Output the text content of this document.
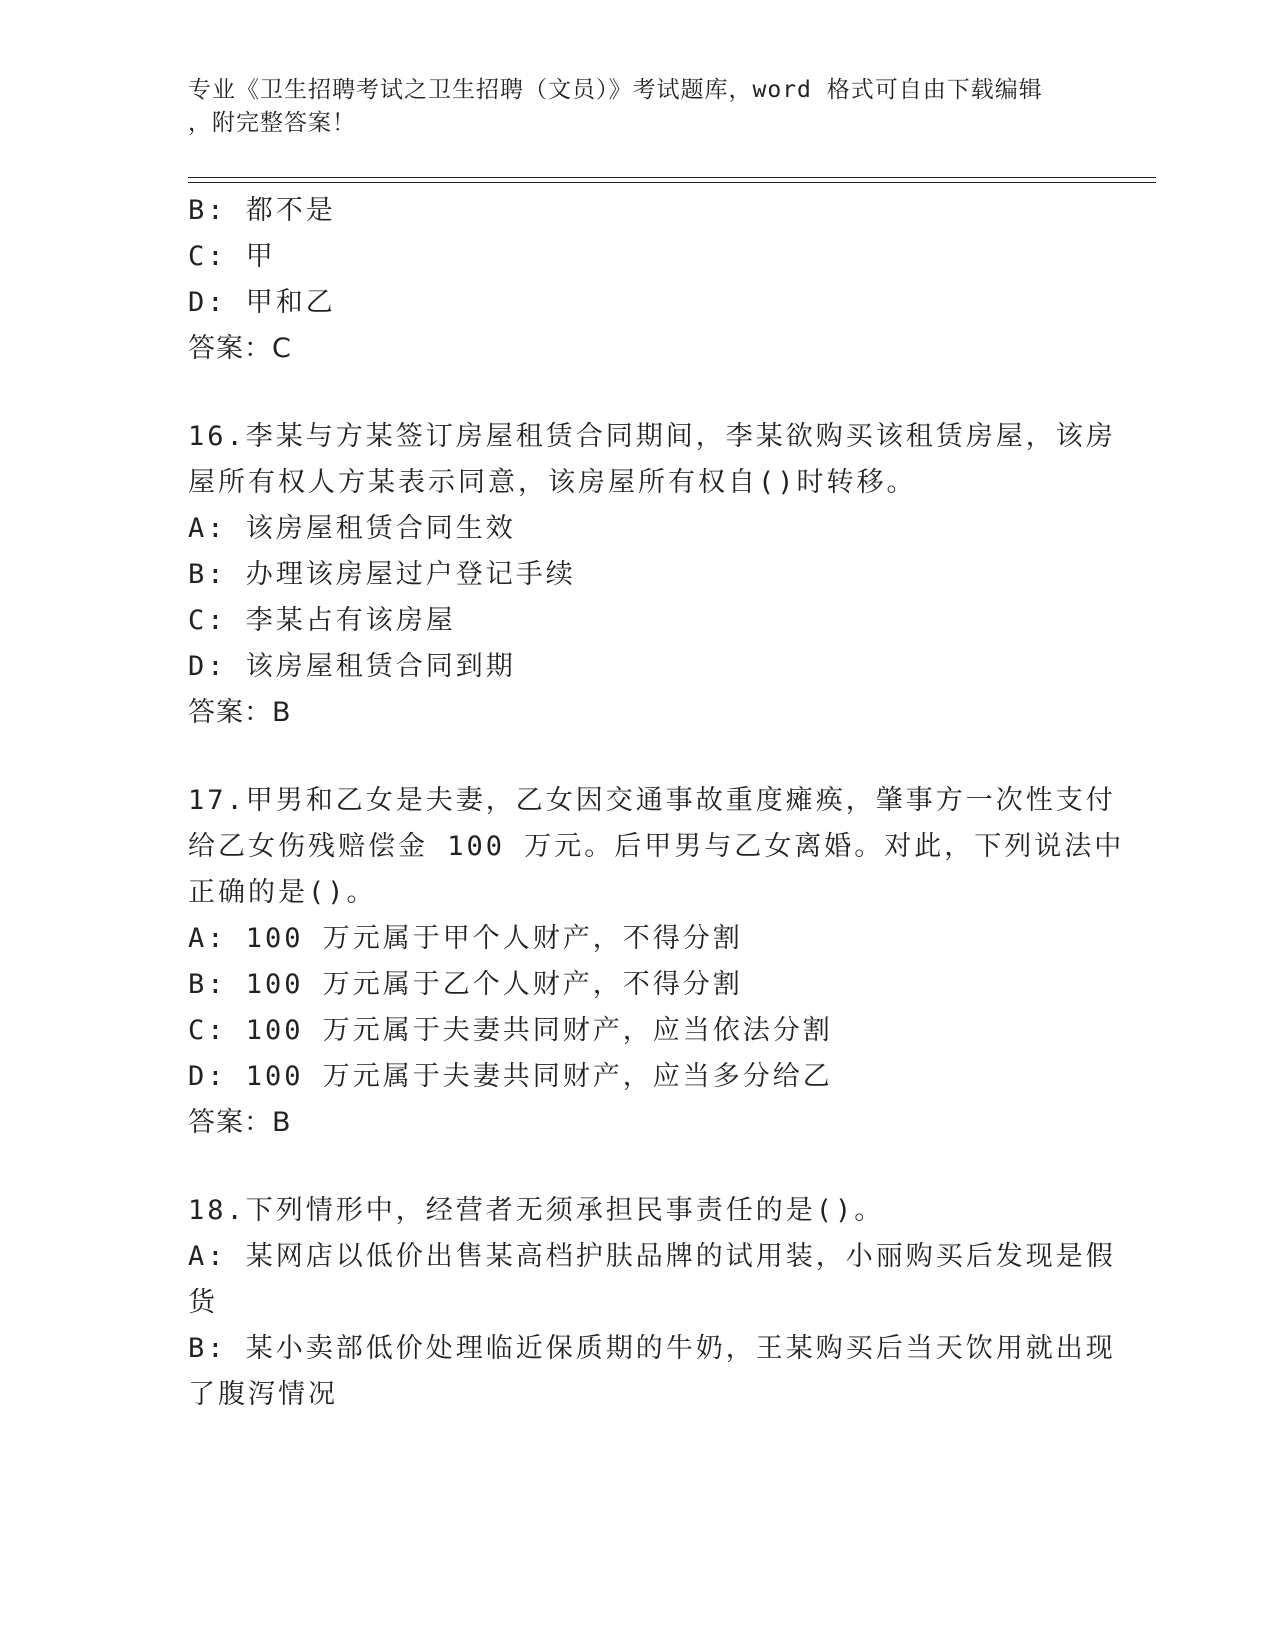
专业《卫生招聘考试之卫生招聘（文员）》考试题库，word 格式可自由下载编辑
，附完整答案！
B: 都不是
C: 甲
D: 甲和乙
答案：C
16.李某与方某签订房屋租赁合同期间，李某欲购买该租赁房屋，该房
屋所有权人方某表示同意，该房屋所有权自()时转移。
A: 该房屋租赁合同生效
B: 办理该房屋过户登记手续
C: 李某占有该房屋
D: 该房屋租赁合同到期
答案：B
17.甲男和乙女是夫妻，乙女因交通事故重度瘫痪，肇事方一次性支付
给乙女伤残赔偿金 100 万元。后甲男与乙女离婚。对此，下列说法中
正确的是()。
A: 100 万元属于甲个人财产，不得分割
B: 100 万元属于乙个人财产，不得分割
C: 100 万元属于夫妻共同财产，应当依法分割
D: 100 万元属于夫妻共同财产，应当多分给乙
答案：B
18.下列情形中，经营者无须承担民事责任的是()。
A: 某网店以低价出售某高档护肤品牌的试用装，小丽购买后发现是假
货
B: 某小卖部低价处理临近保质期的牛奶，王某购买后当天饮用就出现
了腹泻情况
